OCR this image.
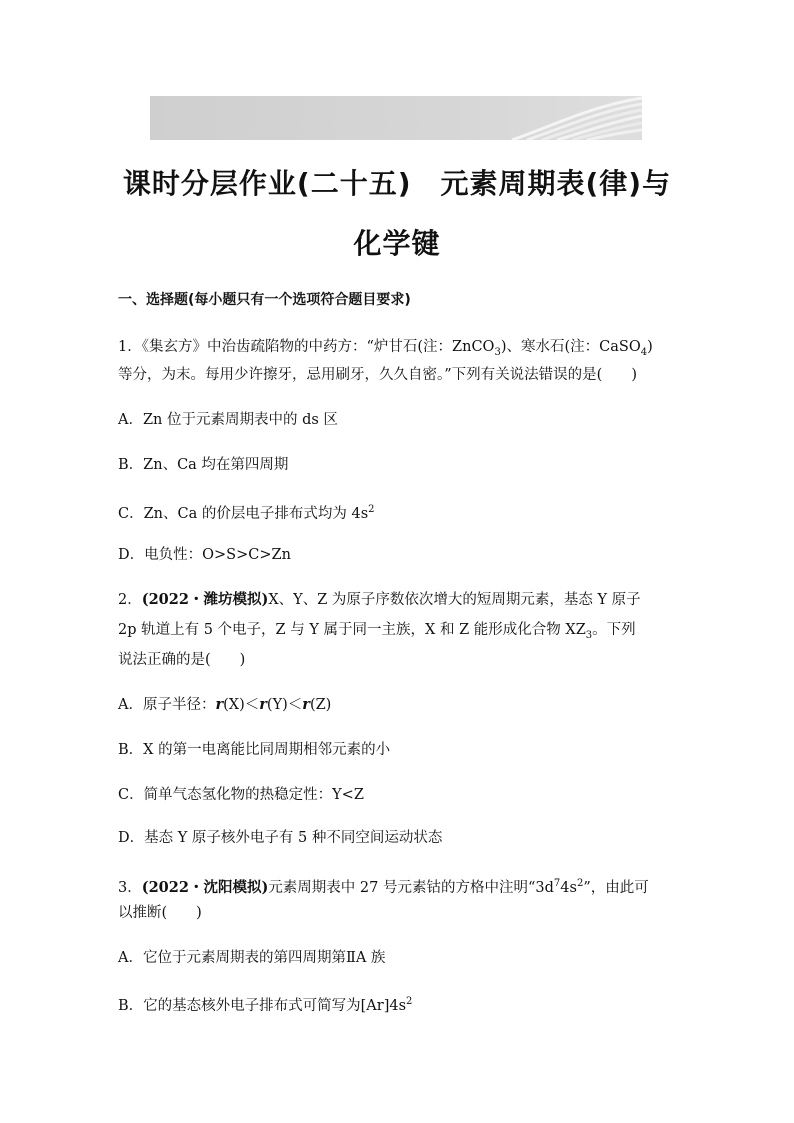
课时分层作业(二十五)　元素周期表(律)与
化学键
一、选择题(每小题只有一个选项符合题目要求)
1．《集玄方》中治齿疏陷物的中药方：“炉甘石(注：ZnCO$_3$)、寒水石(注：CaSO$_4$)
等分，为末。每用少许擦牙，忌用刷牙，久久自密。”下列有关说法错误的是(　　)
A．Zn 位于元素周期表中的 ds 区
B．Zn、Ca 均在第四周期
C．Zn、Ca 的价层电子排布式均为 $4s^2$
D．电负性：O>S>C>Zn
2．(2022・潍坊模拟)X、Y、Z 为原子序数依次增大的短周期元素，基态 Y 原子
2p 轨道上有 5 个电子，Z 与 Y 属于同一主族，X 和 Z 能形成化合物 $XZ_3$。下列
说法正确的是(　　)
A．原子半径：r(X)＜r(Y)＜r(Z)
B．X 的第一电离能比同周期相邻元素的小
C．简单气态氢化物的热稳定性：Y<Z
D．基态 Y 原子核外电子有 5 种不同空间运动状态
3．(2022・沈阳模拟)元素周期表中 27 号元素钴的方格中注明“$3d^74s^2$”，由此可
以推断(　　)
A．它位于元素周期表的第四周期第ⅡA 族
B．它的基态核外电子排布式可简写为$[Ar]4s^2$
